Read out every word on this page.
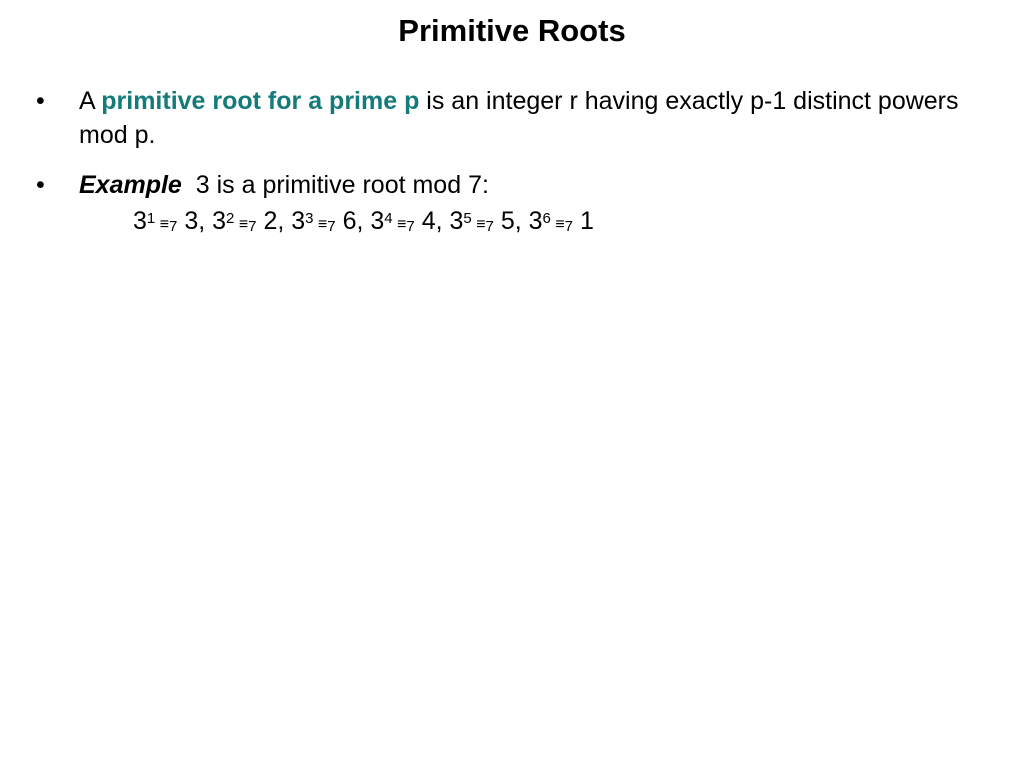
Primitive Roots
• A primitive root for a prime p is an integer r having exactly p-1 distinct powers mod p.
• Example 3 is a primitive root mod 7:
$3^1 \equiv_7$ 3, $3^2 \equiv_7$ 2, $3^3 \equiv_7$ 6, $3^4 \equiv_7$ 4, $3^5 \equiv_7$ 5, $3^6 \equiv_7$ 1
